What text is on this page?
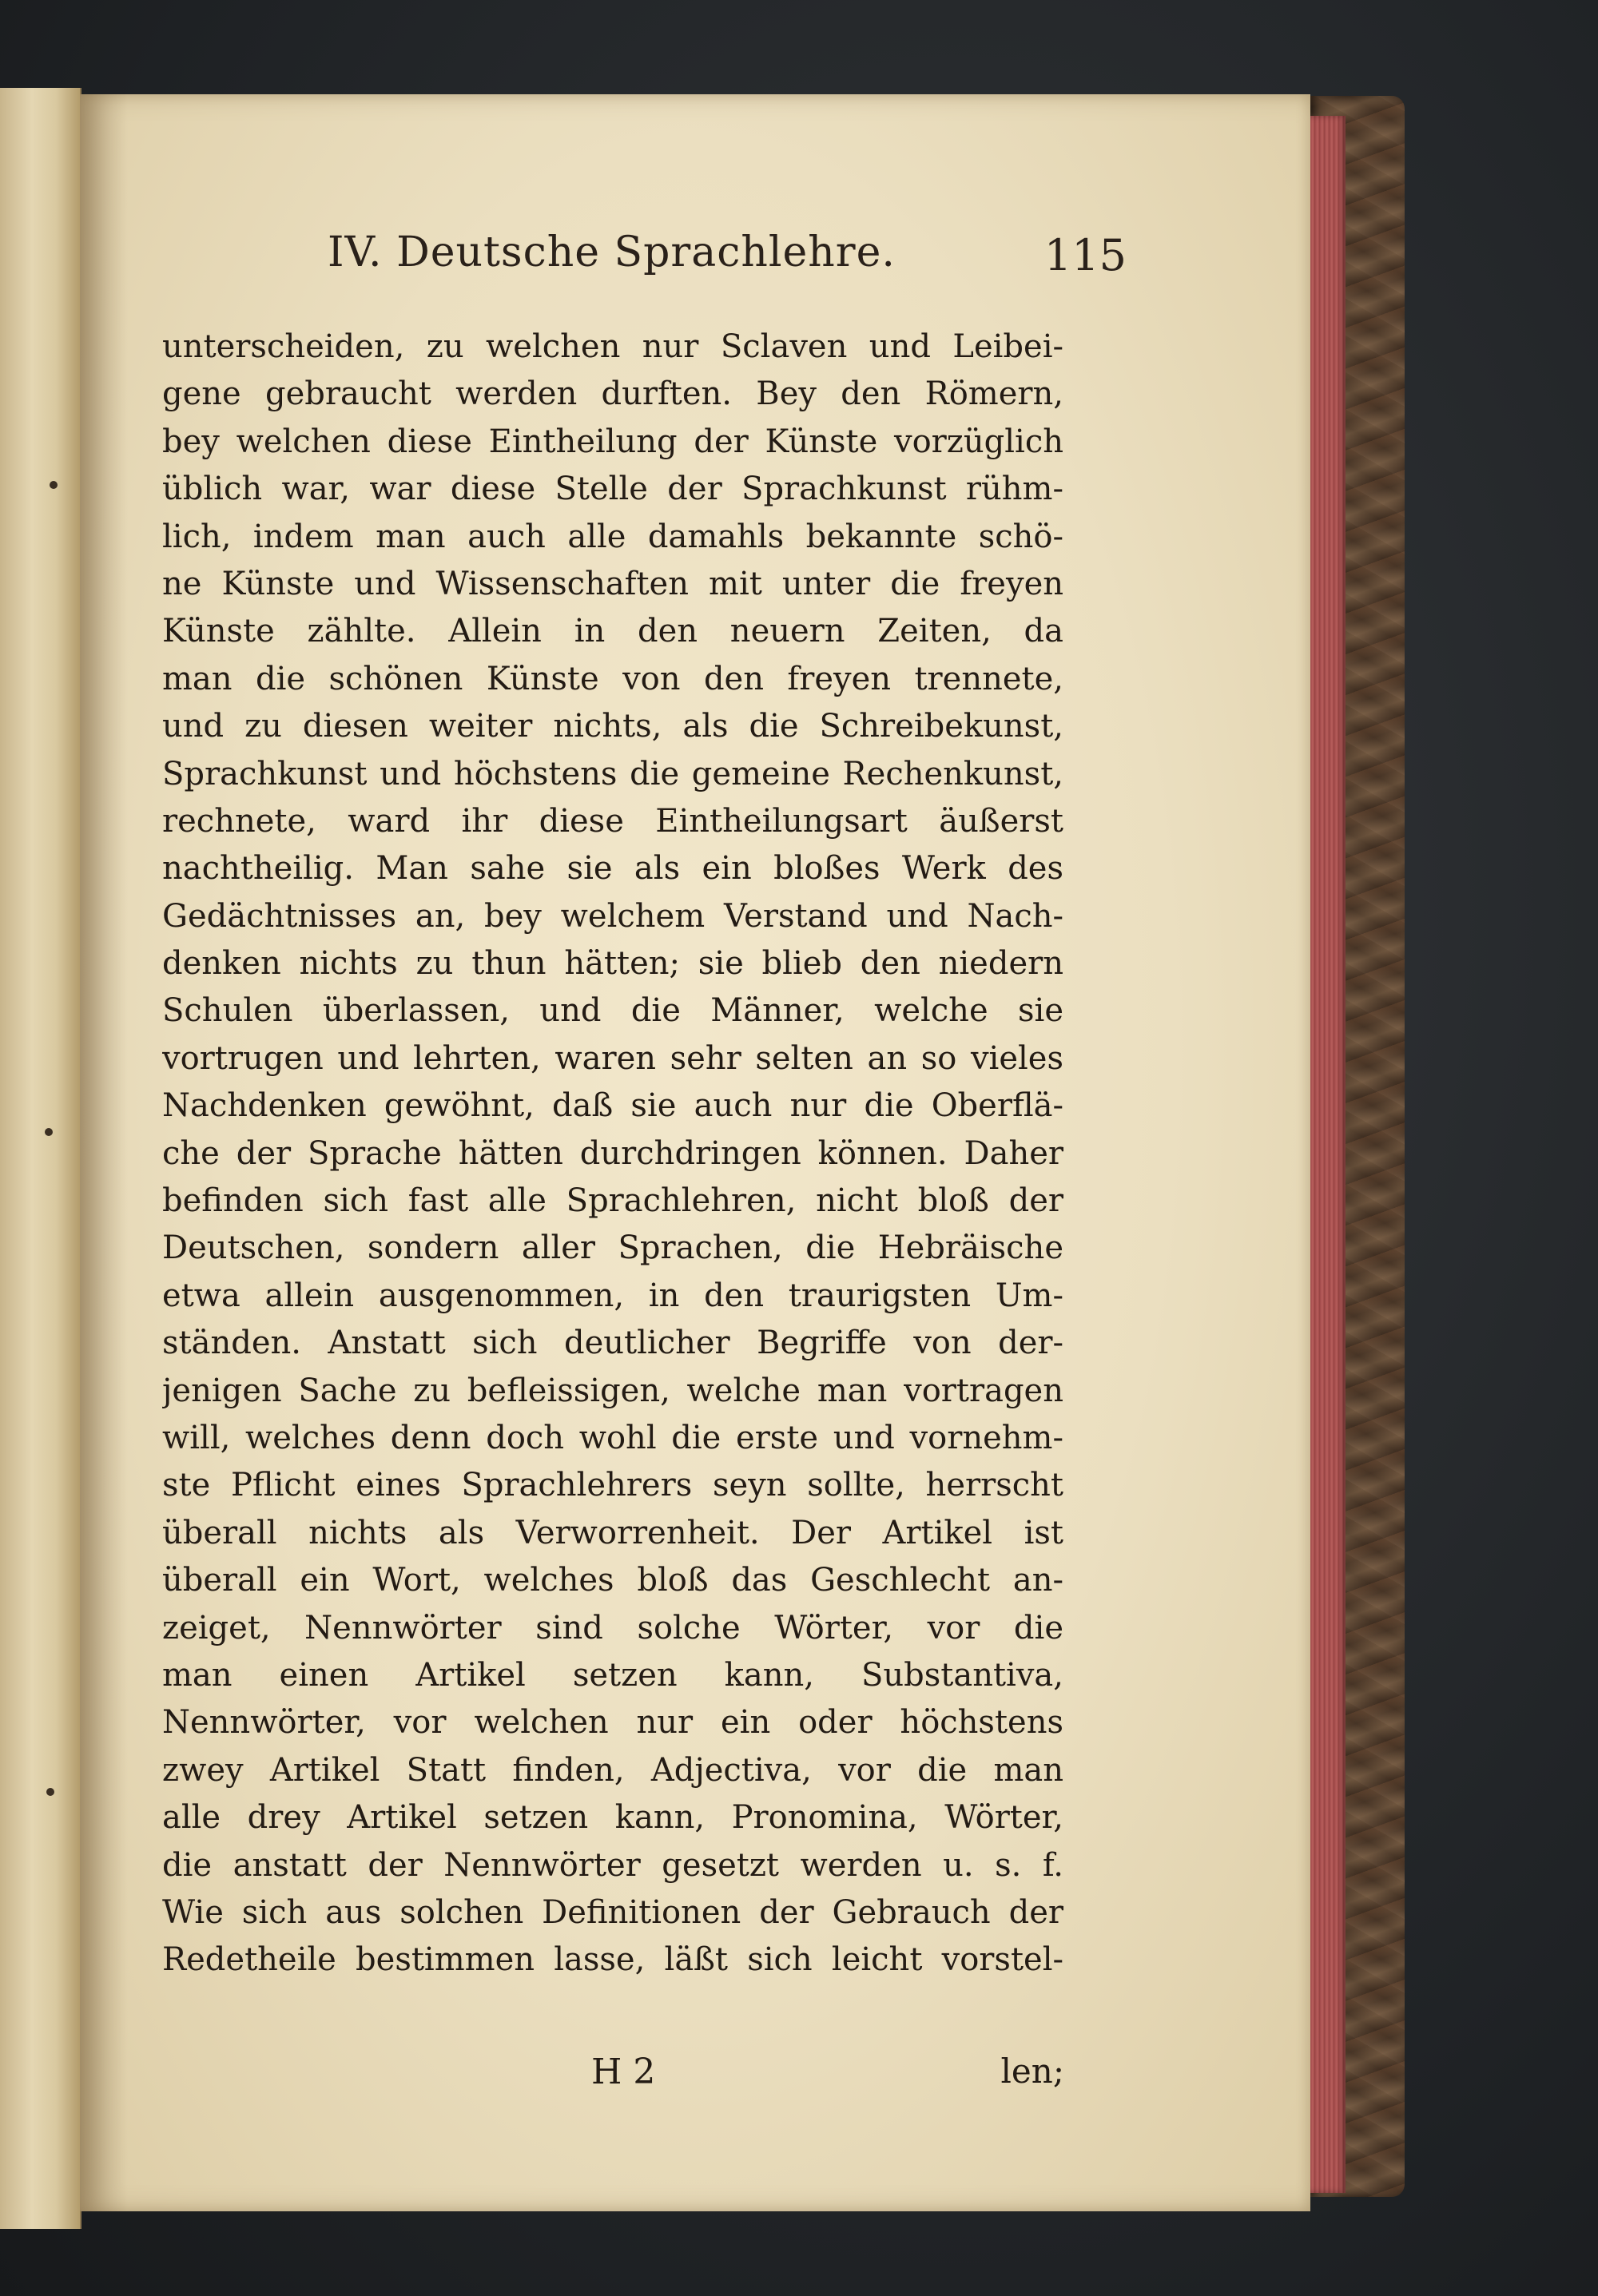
IV. Deutsche Sprachlehre.	115
unterscheiden, zu welchen nur Sclaven und Leibei-
gene gebraucht werden durften. Bey den Römern,
bey welchen diese Eintheilung der Künste vorzüglich
üblich war, war diese Stelle der Sprachkunst rühm-
lich, indem man auch alle damahls bekannte schö-
ne Künste und Wissenschaften mit unter die freyen
Künste zählte. Allein in den neuern Zeiten, da
man die schönen Künste von den freyen trennete,
und zu diesen weiter nichts, als die Schreibekunst,
Sprachkunst und höchstens die gemeine Rechenkunst,
rechnete, ward ihr diese Eintheilungsart äußerst
nachtheilig. Man sahe sie als ein bloßes Werk des
Gedächtnisses an, bey welchem Verstand und Nach-
denken nichts zu thun hätten; sie blieb den niedern
Schulen überlassen, und die Männer, welche sie
vortrugen und lehrten, waren sehr selten an so vieles
Nachdenken gewöhnt, daß sie auch nur die Oberflä-
che der Sprache hätten durchdringen können. Daher
befinden sich fast alle Sprachlehren, nicht bloß der
Deutschen, sondern aller Sprachen, die Hebräische
etwa allein ausgenommen, in den traurigsten Um-
ständen. Anstatt sich deutlicher Begriffe von der-
jenigen Sache zu befleissigen, welche man vortragen
will, welches denn doch wohl die erste und vornehm-
ste Pflicht eines Sprachlehrers seyn sollte, herrscht
überall nichts als Verworrenheit. Der Artikel ist
überall ein Wort, welches bloß das Geschlecht an-
zeiget, Nennwörter sind solche Wörter, vor die
man einen Artikel setzen kann, Substantiva,
Nennwörter, vor welchen nur ein oder höchstens
zwey Artikel Statt finden, Adjectiva, vor die man
alle drey Artikel setzen kann, Pronomina, Wörter,
die anstatt der Nennwörter gesetzt werden u. s. f.
Wie sich aus solchen Definitionen der Gebrauch der
Redetheile bestimmen lasse, läßt sich leicht vorstel-
H 2	len;
